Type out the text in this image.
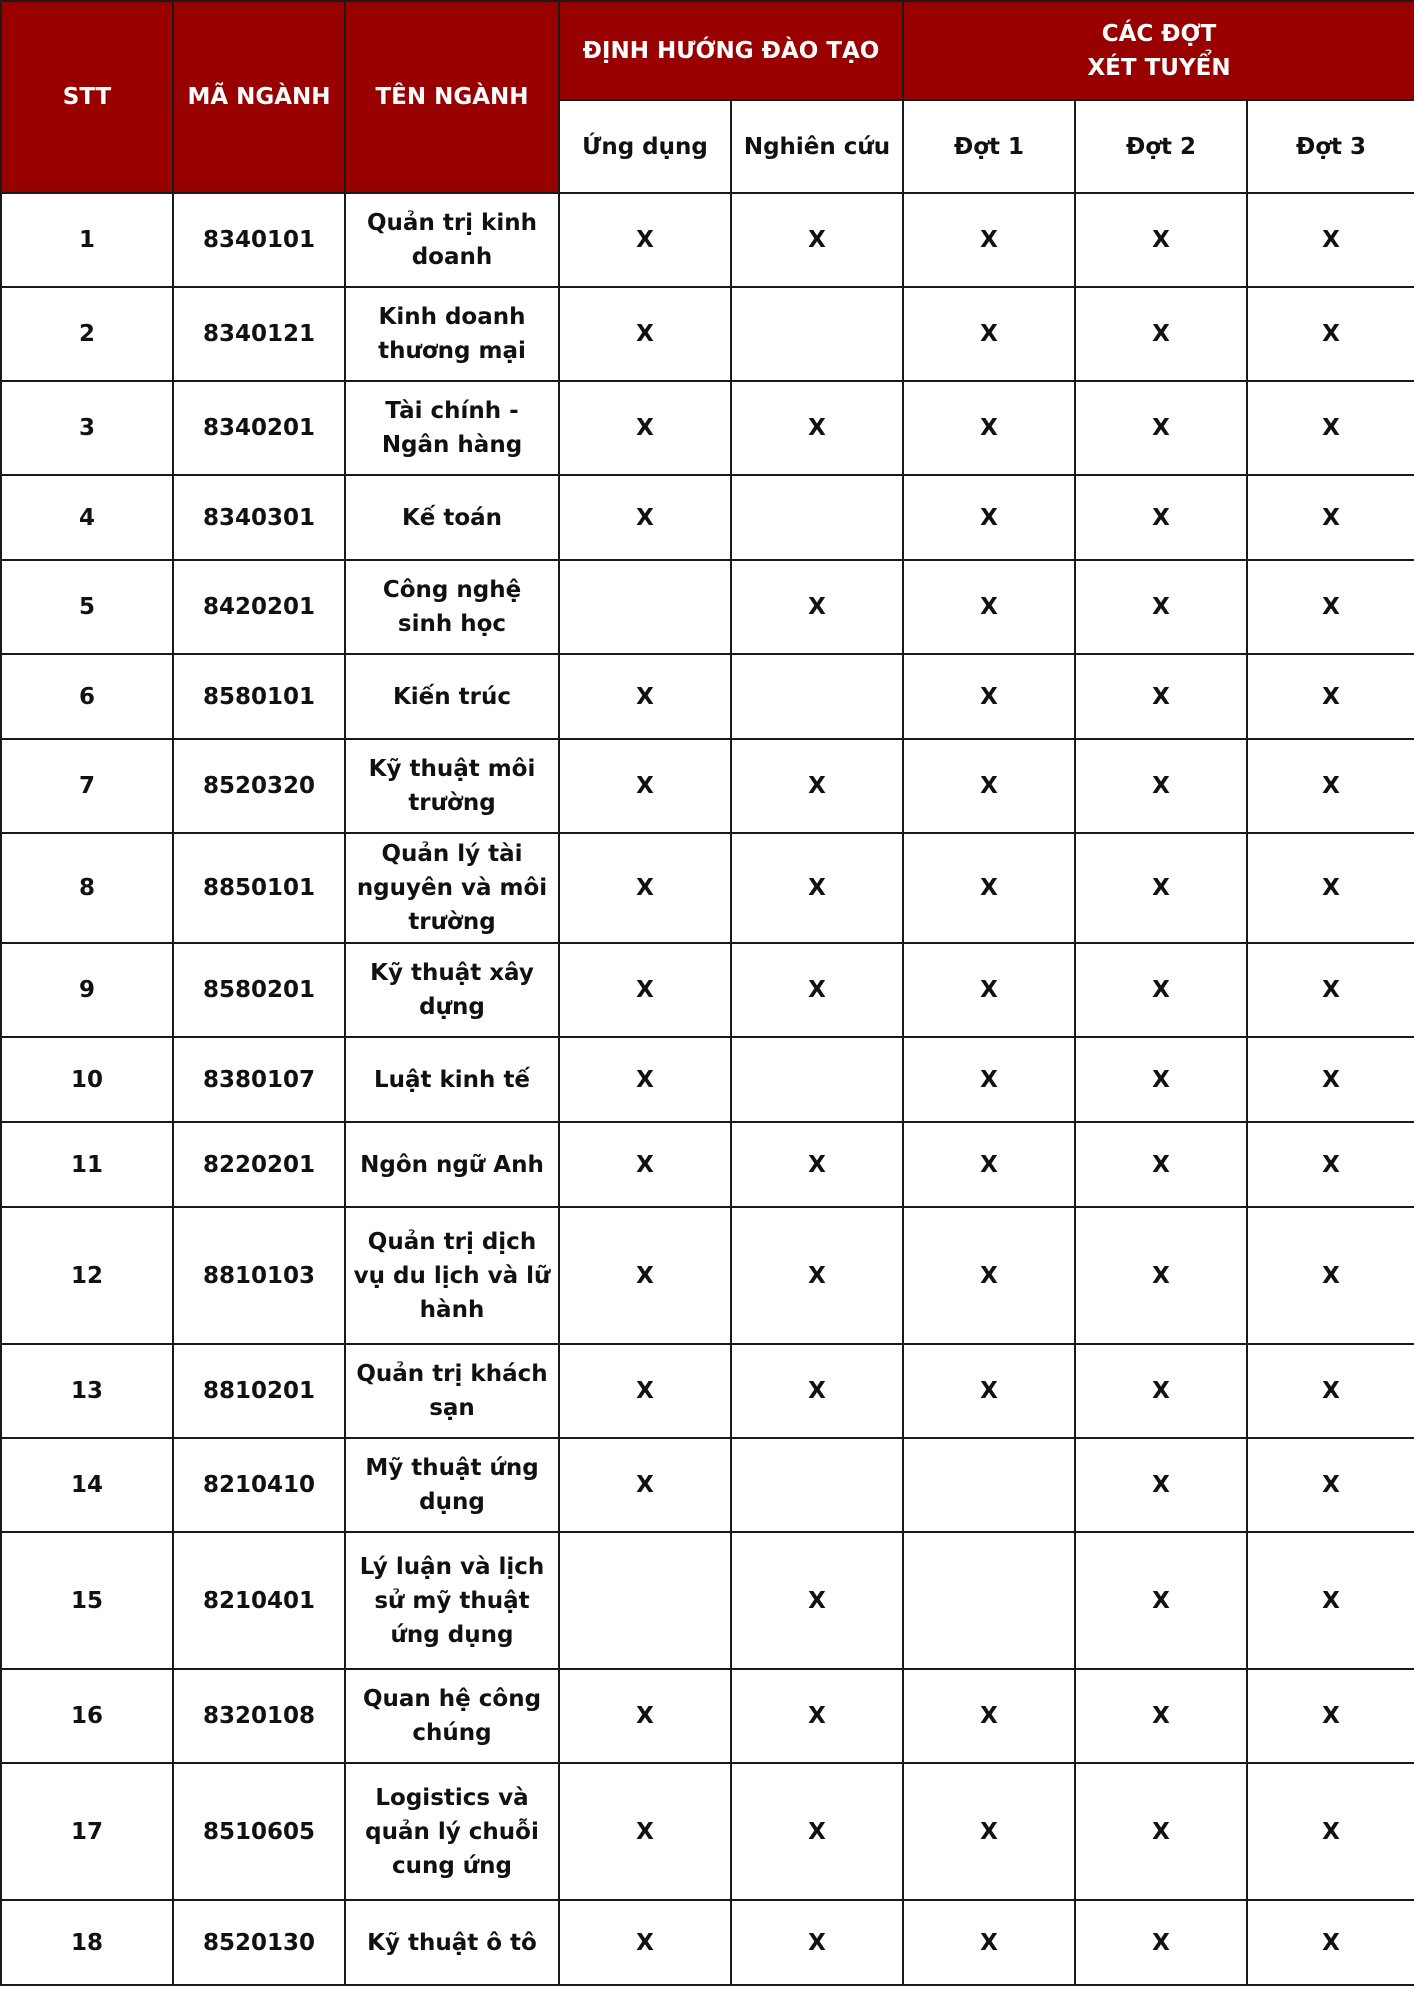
STT	MÃ NGÀNH	TÊN NGÀNH	ĐỊNH HƯỚNG ĐÀO TẠO		CÁC ĐỢT
XÉT TUYỂN		
			Ứng dụng	Nghiên cứu	Đợt 1	Đợt 2	Đợt 3
1	8340101	Quản trị kinh doanh	X	X	X	X	X
2	8340121	Kinh doanh thương mại	X		X	X	X
3	8340201	Tài chính - Ngân hàng	X	X	X	X	X
4	8340301	Kế toán	X		X	X	X
5	8420201	Công nghệ sinh học		X	X	X	X
6	8580101	Kiến trúc	X		X	X	X
7	8520320	Kỹ thuật môi trường	X	X	X	X	X
8	8850101	Quản lý tài nguyên và môi trường	X	X	X	X	X
9	8580201	Kỹ thuật xây dựng	X	X	X	X	X
10	8380107	Luật kinh tế	X		X	X	X
11	8220201	Ngôn ngữ Anh	X	X	X	X	X
12	8810103	Quản trị dịch vụ du lịch và lữ hành	X	X	X	X	X
13	8810201	Quản trị khách sạn	X	X	X	X	X
14	8210410	Mỹ thuật ứng dụng	X			X	X
15	8210401	Lý luận và lịch sử mỹ thuật ứng dụng		X		X	X
16	8320108	Quan hệ công chúng	X	X	X	X	X
17	8510605	Logistics và quản lý chuỗi cung ứng	X	X	X	X	X
18	8520130	Kỹ thuật ô tô	X	X	X	X	X
